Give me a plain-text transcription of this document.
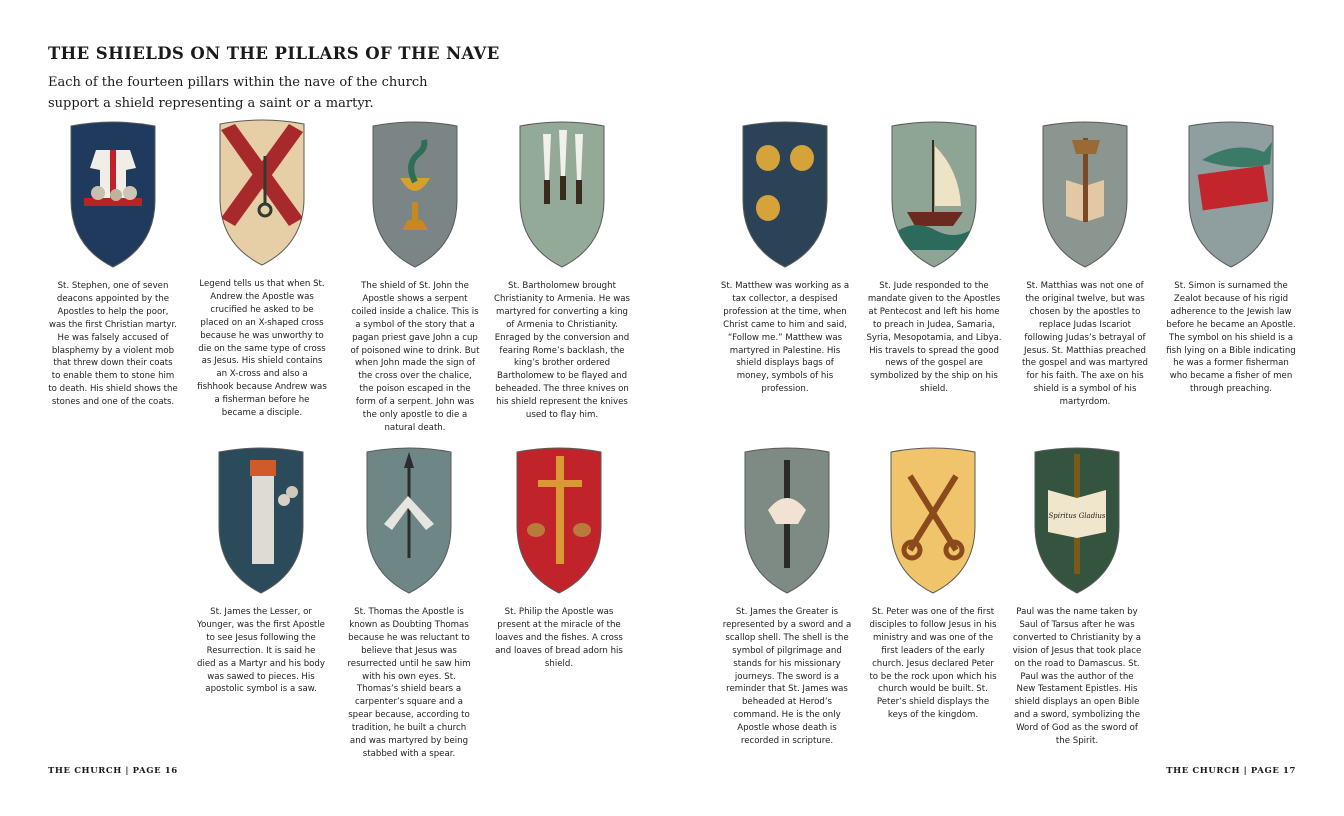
THE SHIELDS ON THE PILLARS OF THE NAVE
Each of the fourteen pillars within the nave of the church support a shield representing a saint or a martyr.
St. Stephen, one of seven deacons appointed by the Apostles to help the poor, was the first Christian martyr. He was falsely accused of blasphemy by a violent mob that threw down their coats to enable them to stone him to death. His shield shows the stones and one of the coats.
Legend tells us that when St. Andrew the Apostle was crucified he asked to be placed on an X-shaped cross because he was unworthy to die on the same type of cross as Jesus. His shield contains an X-cross and also a fishhook because Andrew was a fisherman before he became a disciple.
The shield of St. John the Apostle shows a serpent coiled inside a chalice. This is a symbol of the story that a pagan priest gave John a cup of poisoned wine to drink. But when John made the sign of the cross over the chalice, the poison escaped in the form of a serpent. John was the only apostle to die a natural death.
St. Bartholomew brought Christianity to Armenia. He was martyred for converting a king of Armenia to Christianity. Enraged by the conversion and fearing Rome’s backlash, the king’s brother ordered Bartholomew to be flayed and beheaded. The three knives on his shield represent the knives used to flay him.
St. Matthew was working as a tax collector, a despised profession at the time, when Christ came to him and said, “Follow me.” Matthew was martyred in Palestine. His shield displays bags of money, symbols of his profession.
St. Jude responded to the mandate given to the Apostles at Pentecost and left his home to preach in Judea, Samaria, Syria, Mesopotamia, and Libya. His travels to spread the good news of the gospel are symbolized by the ship on his shield.
St. Matthias was not one of the original twelve, but was chosen by the apostles to replace Judas Iscariot following Judas’s betrayal of Jesus. St. Matthias preached the gospel and was martyred for his faith. The axe on his shield is a symbol of his martyrdom.
St. Simon is surnamed the Zealot because of his rigid adherence to the Jewish law before he became an Apostle. The symbol on his shield is a fish lying on a Bible indicating he was a former fisherman who became a fisher of men through preaching.
St. James the Lesser, or Younger, was the first Apostle to see Jesus following the Resurrection. It is said he died as a Martyr and his body was sawed to pieces. His apostolic symbol is a saw.
St. Thomas the Apostle is known as Doubting Thomas because he was reluctant to believe that Jesus was resurrected until he saw him with his own eyes. St. Thomas’s shield bears a carpenter’s square and a spear because, according to tradition, he built a church and was martyred by being stabbed with a spear.
St. Philip the Apostle was present at the miracle of the loaves and the fishes. A cross and loaves of bread adorn his shield.
St. James the Greater is represented by a sword and a scallop shell. The shell is the symbol of pilgrimage and stands for his missionary journeys. The sword is a reminder that St. James was beheaded at Herod’s command. He is the only Apostle whose death is recorded in scripture.
St. Peter was one of the first disciples to follow Jesus in his ministry and was one of the first leaders of the early church. Jesus declared Peter to be the rock upon which his church would be built. St. Peter’s shield displays the keys of the kingdom.
Spiritus Gladius
Paul was the name taken by Saul of Tarsus after he was converted to Christianity by a vision of Jesus that took place on the road to Damascus. St. Paul was the author of the New Testament Epistles. His shield displays an open Bible and a sword, symbolizing the Word of God as the sword of the Spirit.
THE CHURCH | PAGE 16	THE CHURCH | PAGE 17
